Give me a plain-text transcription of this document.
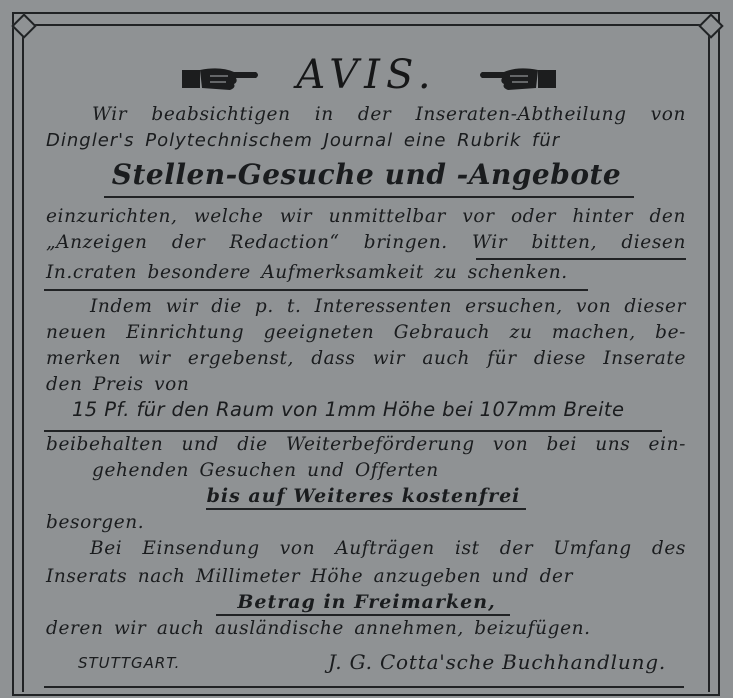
AVIS.
Wir beabsichtigen in der Inseraten-Abtheilung von
Dingler's Polytechnischem Journal eine Rubrik für
Stellen-Gesuche und -Angebote
einzurichten, welche wir unmittelbar vor oder hinter den
„Anzeigen der Redaction“ bringen. Wir bitten, diesen
In.craten besondere Aufmerksamkeit zu schenken.
Indem wir die p. t. Interessenten ersuchen, von dieser
neuen Einrichtung geeigneten Gebrauch zu machen, be-
merken wir ergebenst, dass wir auch für diese Inserate
den Preis von
15 Pf. für den Raum von 1mm Höhe bei 107mm Breite
beibehalten und die Weiterbeförderung von bei uns ein-
gehenden Gesuchen und Offerten
bis auf Weiteres kostenfrei
besorgen.
Bei Einsendung von Aufträgen ist der Umfang des
Inserats nach Millimeter Höhe anzugeben und der
Betrag in Freimarken,
deren wir auch ausländische annehmen, beizufügen.
STUTTGART.	J. G. Cotta'sche Buchhandlung.
